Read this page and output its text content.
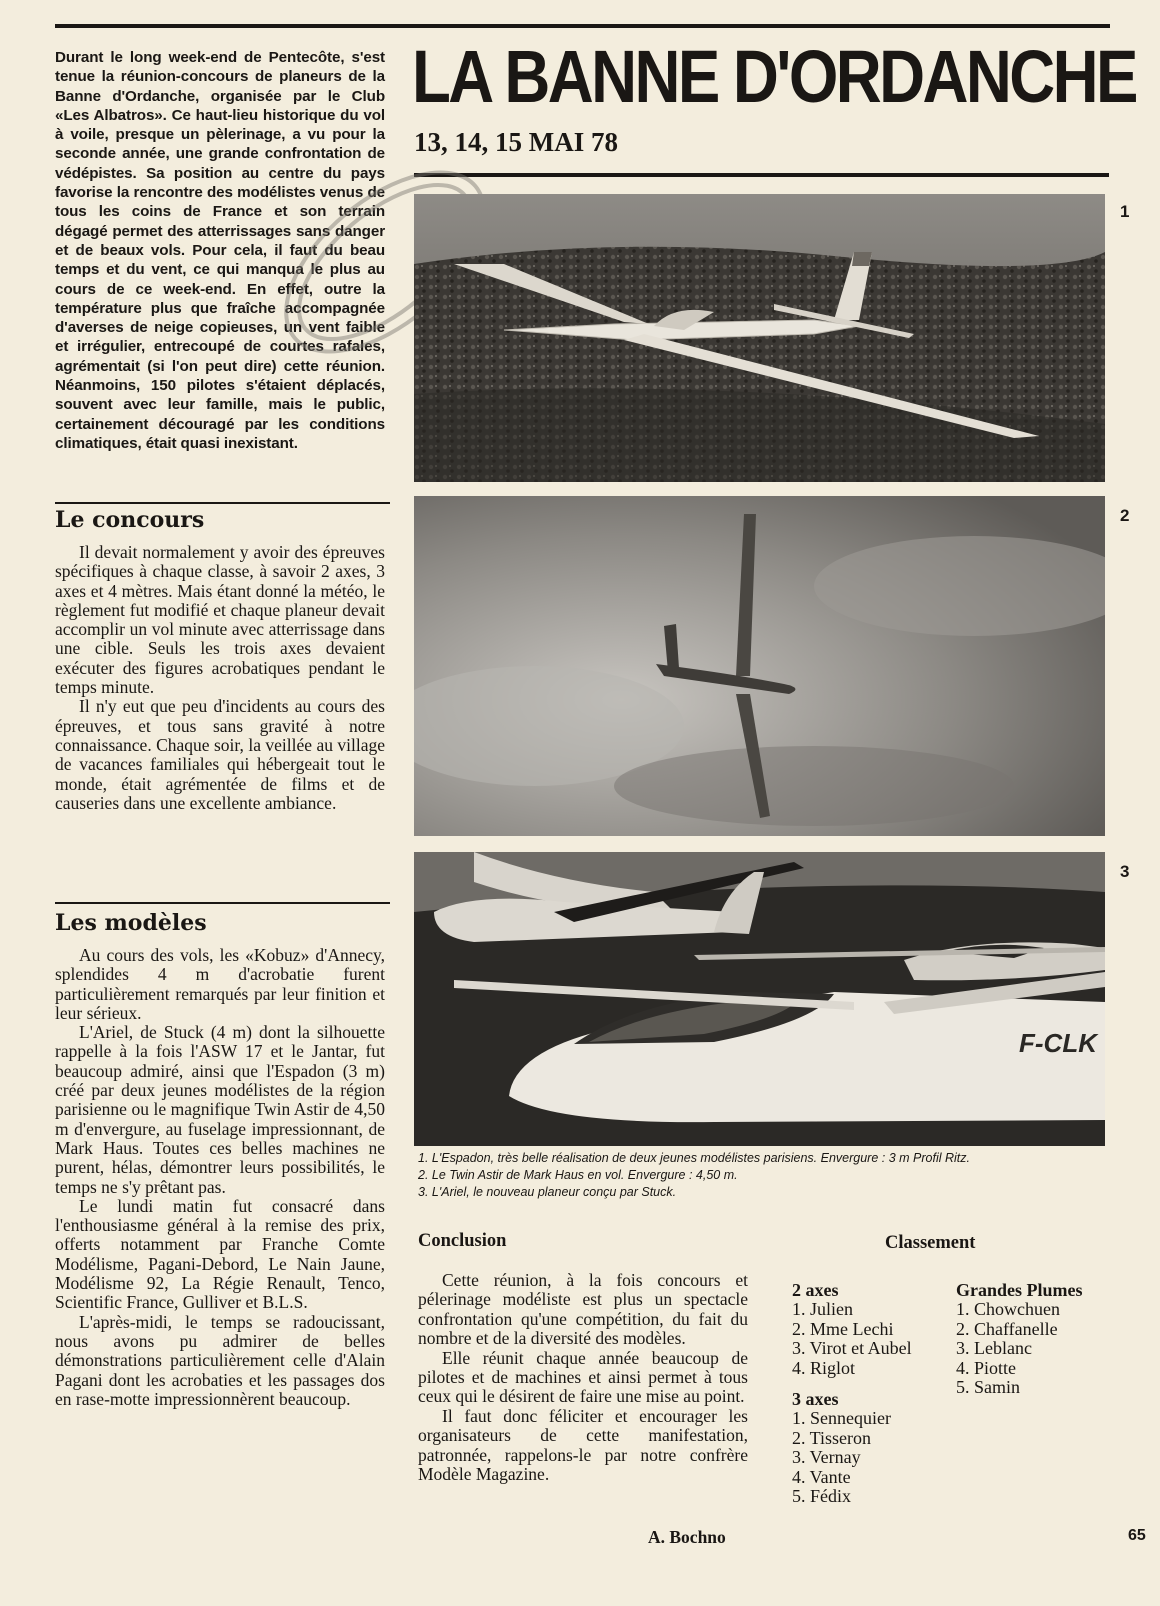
Durant le long week-end de Pentecôte, s'est tenue la réunion-concours de planeurs de la Banne d'Ordanche, organisée par le Club «Les Albatros». Ce haut-lieu historique du vol à voile, presque un pèlerinage, a vu pour la seconde année, une grande confrontation de védépistes. Sa position au centre du pays favorise la rencontre des modélistes venus de tous les coins de France et son terrain dégagé permet des atterrissages sans danger et de beaux vols. Pour cela, il faut du beau temps et du vent, ce qui manqua le plus au cours de ce week-end. En effet, outre la température plus que fraîche accompagnée d'averses de neige copieuses, un vent faible et irrégulier, entrecoupé de courtes rafales, agrémentait (si l'on peut dire) cette réunion. Néanmoins, 150 pilotes s'étaient déplacés, souvent avec leur famille, mais le public, certainement découragé par les conditions climatiques, était quasi inexistant.

LA BANNE D'ORDANCHE
13, 14, 15 MAI 78
Le concours

Il devait normalement y avoir des épreuves spécifiques à chaque classe, à savoir 2 axes, 3 axes et 4 mètres. Mais étant donné la météo, le règlement fut modifié et chaque planeur devait accomplir un vol minute avec atterrissage dans une cible. Seuls les trois axes devaient exécuter des figures acrobatiques pendant le temps minute.

Il n'y eut que peu d'incidents au cours des épreuves, et tous sans gravité à notre connaissance. Chaque soir, la veillée au village de vacances familiales qui hébergeait tout le monde, était agrémentée de films et de causeries dans une excellente ambiance.

Les modèles

Au cours des vols, les «Kobuz» d'Annecy, splendides 4 m d'acrobatie furent particulièrement remarqués par leur finition et leur sérieux.

L'Ariel, de Stuck (4 m) dont la silhouette rappelle à la fois l'ASW 17 et le Jantar, fut beaucoup admiré, ainsi que l'Espadon (3 m) créé par deux jeunes modélistes de la région parisienne ou le magnifique Twin Astir de 4,50 m d'envergure, au fuselage impressionnant, de Mark Haus. Toutes ces belles machines ne purent, hélas, démontrer leurs possibilités, le temps ne s'y prêtant pas.

Le lundi matin fut consacré dans l'enthousiasme général à la remise des prix, offerts notamment par Franche Comte Modélisme, Pagani-Debord, Le Nain Jaune, Modélisme 92, La Régie Renault, Tenco, Scientific France, Gulliver et B.L.S.

L'après-midi, le temps se radoucissant, nous avons pu admirer de belles démonstrations particulièrement celle d'Alain Pagani dont les acrobaties et les passages dos en rase-motte impressionnèrent beaucoup.

1
2
F-CLK
3
1. L'Espadon, très belle réalisation de deux jeunes modélistes parisiens. Envergure : 3 m Profil Ritz.
2. Le Twin Astir de Mark Haus en vol. Envergure : 4,50 m.
3. L'Ariel, le nouveau planeur conçu par Stuck.
Conclusion

Cette réunion, à la fois concours et pélerinage modéliste est plus un spectacle confrontation qu'une compétition, du fait du nombre et de la diversité des modèles.

Elle réunit chaque année beaucoup de pilotes et de machines et ainsi permet à tous ceux qui le désirent de faire une mise au point.

Il faut donc féliciter et encourager les organisateurs de cette manifestation, patronnée, rappelons-le par notre confrère Modèle Magazine.

A. Bochno
Classement
2 axes
1. Julien
2. Mme Lechi
3. Virot et Aubel
4. Riglot
3 axes
1. Sennequier
2. Tisseron
3. Vernay
4. Vante
5. Fédix
Grandes Plumes
1. Chowchuen
2. Chaffanelle
3. Leblanc
4. Piotte
5. Samin
65
